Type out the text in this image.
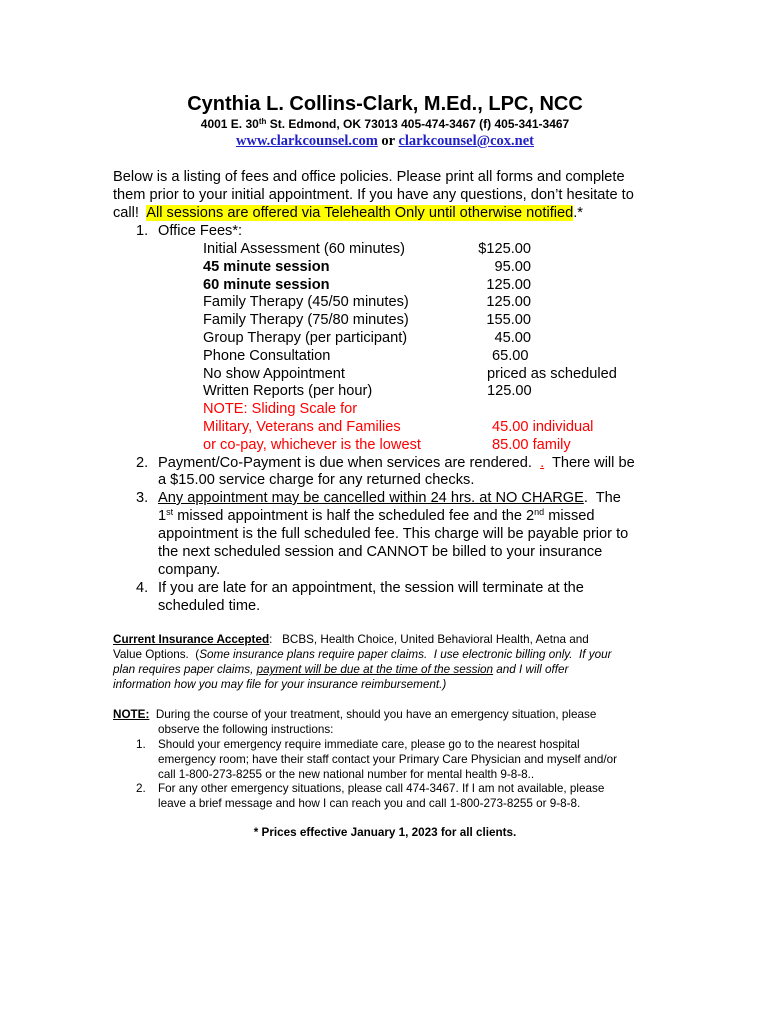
Cynthia L. Collins-Clark, M.Ed., LPC, NCC
4001 E. 30th St. Edmond, OK 73013 405-474-3467 (f) 405-341-3467
www.clarkcounsel.com or clarkcounsel@cox.net
Below is a listing of fees and office policies. Please print all forms and complete
them prior to your initial appointment. If you have any questions, don’t hesitate to
call!  All sessions are offered via Telehealth Only until otherwise notified.*
1. Office Fees*:
Initial Assessment (60 minutes)	$125.00
45 minute session	95.00
60 minute session	125.00
Family Therapy (45/50 minutes)	125.00
Family Therapy (75/80 minutes)	155.00
Group Therapy (per participant)	45.00
Phone Consultation	65.00
No show Appointment	priced as scheduled
Written Reports (per hour)	125.00
NOTE: Sliding Scale for
Military, Veterans and Families	45.00 individual
or co-pay, whichever is the lowest	85.00 family
2. Payment/Co-Payment is due when services are rendered.  .  There will be
a $15.00 service charge for any returned checks.
3. Any appointment may be cancelled within 24 hrs. at NO CHARGE.  The
1st missed appointment is half the scheduled fee and the 2nd missed
appointment is the full scheduled fee. This charge will be payable prior to
the next scheduled session and CANNOT be billed to your insurance
company.
4. If you are late for an appointment, the session will terminate at the
scheduled time.
Current Insurance Accepted:   BCBS, Health Choice, United Behavioral Health, Aetna and
Value Options.  (Some insurance plans require paper claims.  I use electronic billing only.  If your
plan requires paper claims, payment will be due at the time of the session and I will offer
information how you may file for your insurance reimbursement.)
NOTE:  During the course of your treatment, should you have an emergency situation, please
observe the following instructions:
1. Should your emergency require immediate care, please go to the nearest hospital
emergency room; have their staff contact your Primary Care Physician and myself and/or
call 1-800-273-8255 or the new national number for mental health 9-8-8..
2. For any other emergency situations, please call 474-3467. If I am not available, please
leave a brief message and how I can reach you and call 1-800-273-8255 or 9-8-8.
* Prices effective January 1, 2023 for all clients.
